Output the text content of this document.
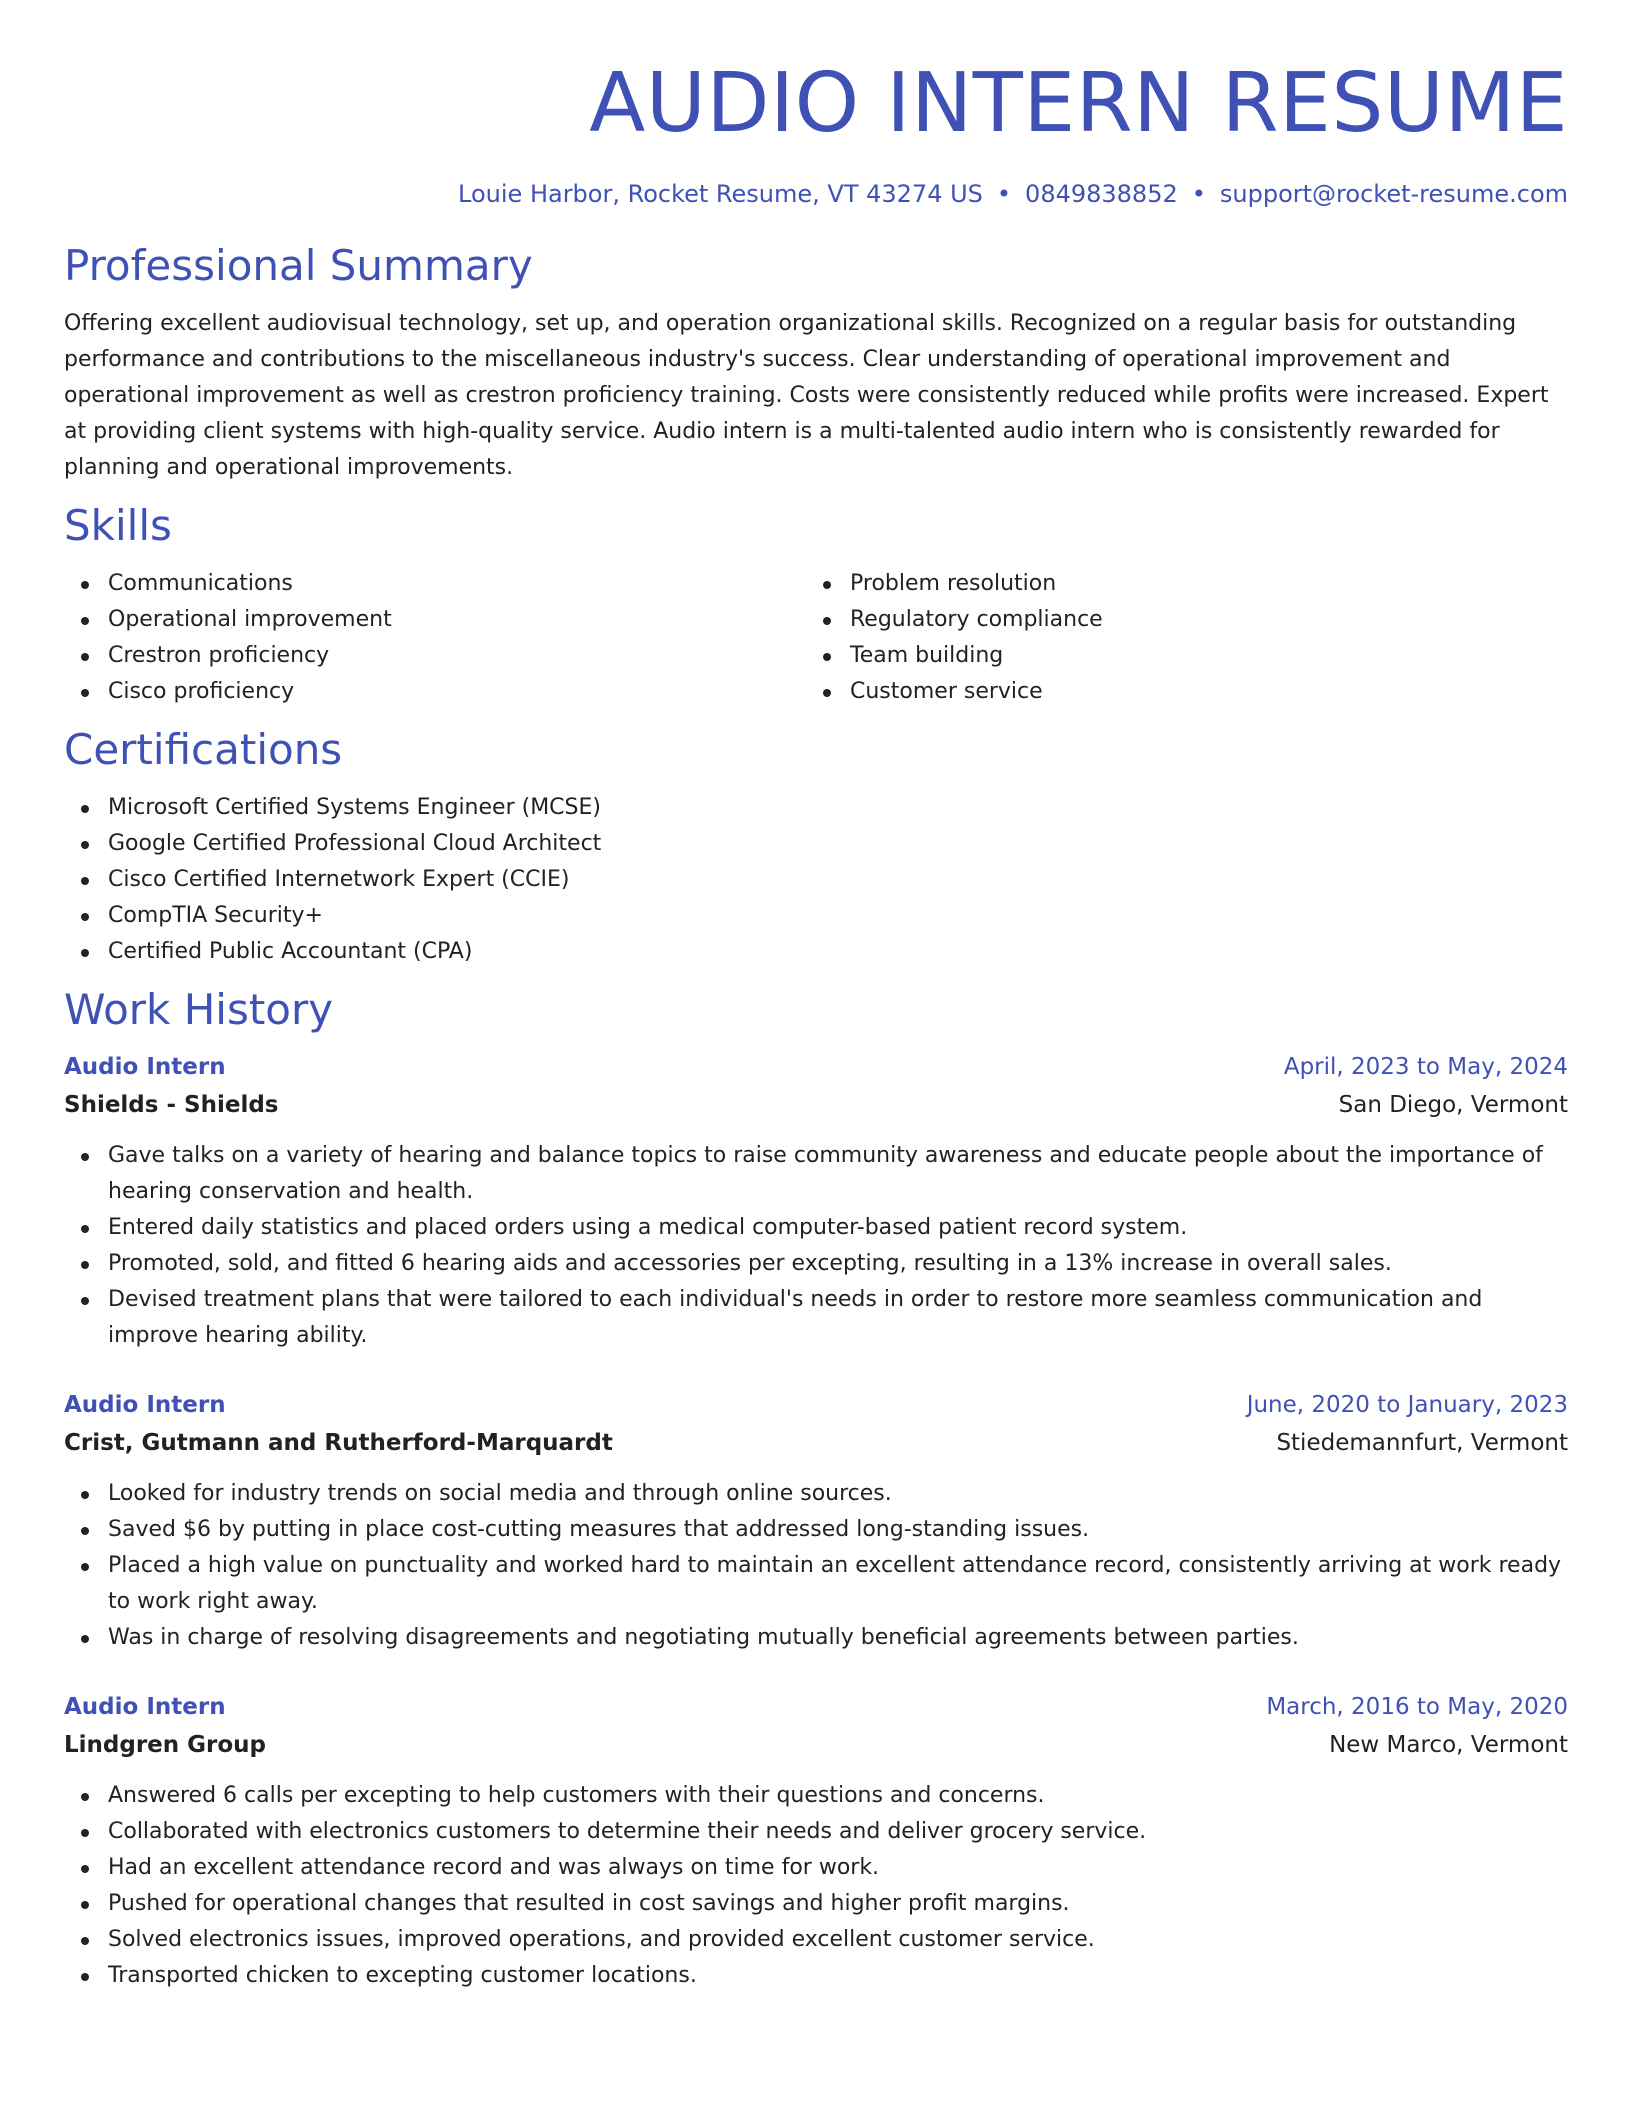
AUDIO INTERN RESUME
Louie Harbor, Rocket Resume, VT 43274 US • 0849838852 • support@rocket-resume.com
Professional Summary

Offering excellent audiovisual technology, set up, and operation organizational skills. Recognized on a regular basis for outstanding performance and contributions to the miscellaneous industry's success. Clear understanding of operational improvement and operational improvement as well as crestron proficiency training. Costs were consistently reduced while profits were increased. Expert at providing client systems with high-quality service. Audio intern is a multi-talented audio intern who is consistently rewarded for planning and operational improvements.

Skills
Communications
Operational improvement
Crestron proficiency
Cisco proficiency
Problem resolution
Regulatory compliance
Team building
Customer service
Certifications
Microsoft Certified Systems Engineer (MCSE)
Google Certified Professional Cloud Architect
Cisco Certified Internetwork Expert (CCIE)
CompTIA Security+
Certified Public Accountant (CPA)
Work History
Audio Intern	April, 2023 to May, 2024
Shields - Shields	San Diego, Vermont
Gave talks on a variety of hearing and balance topics to raise community awareness and educate people about the importance of hearing conservation and health.
Entered daily statistics and placed orders using a medical computer-based patient record system.
Promoted, sold, and fitted 6 hearing aids and accessories per excepting, resulting in a 13% increase in overall sales.
Devised treatment plans that were tailored to each individual's needs in order to restore more seamless communication and improve hearing ability.
Audio Intern	June, 2020 to January, 2023
Crist, Gutmann and Rutherford-Marquardt	Stiedemannfurt, Vermont
Looked for industry trends on social media and through online sources.
Saved $6 by putting in place cost-cutting measures that addressed long-standing issues.
Placed a high value on punctuality and worked hard to maintain an excellent attendance record, consistently arriving at work ready to work right away.
Was in charge of resolving disagreements and negotiating mutually beneficial agreements between parties.
Audio Intern	March, 2016 to May, 2020
Lindgren Group	New Marco, Vermont
Answered 6 calls per excepting to help customers with their questions and concerns.
Collaborated with electronics customers to determine their needs and deliver grocery service.
Had an excellent attendance record and was always on time for work.
Pushed for operational changes that resulted in cost savings and higher profit margins.
Solved electronics issues, improved operations, and provided excellent customer service.
Transported chicken to excepting customer locations.
